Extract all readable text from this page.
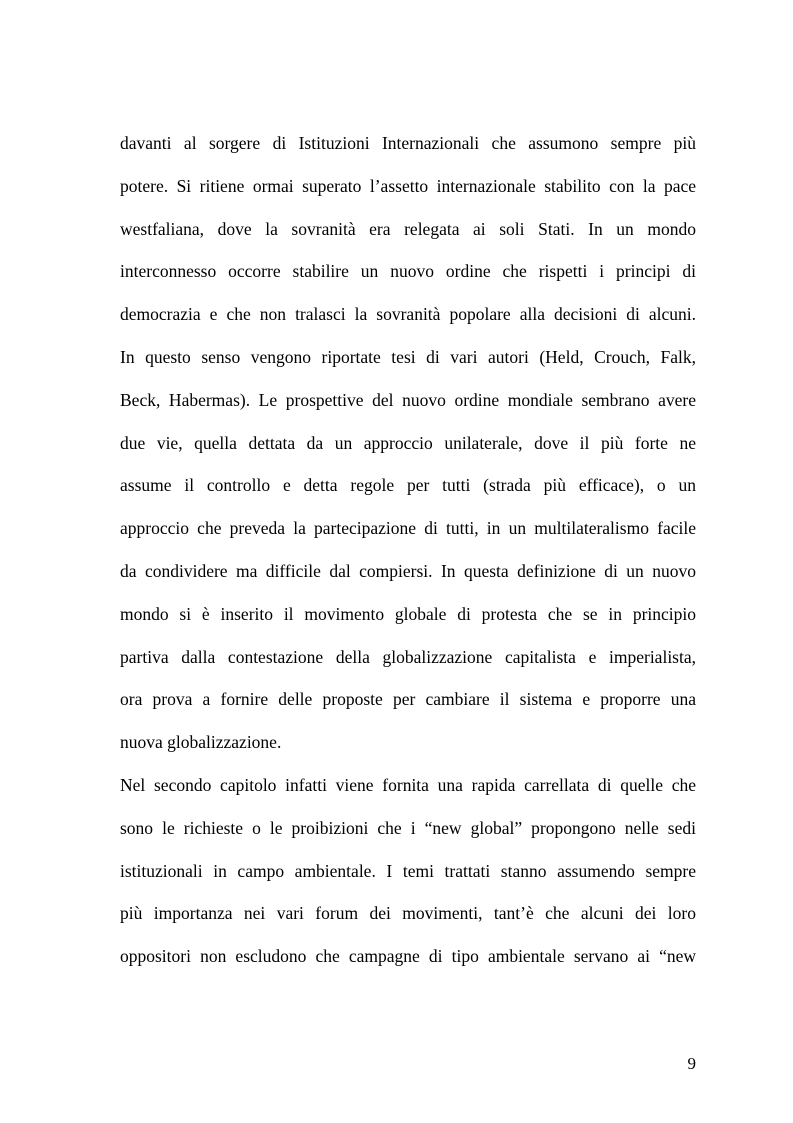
davanti al sorgere di Istituzioni Internazionali che assumono sempre più
potere. Si ritiene ormai superato l’assetto internazionale stabilito con la pace
westfaliana, dove la sovranità era relegata ai soli Stati. In un mondo
interconnesso occorre stabilire un nuovo ordine che rispetti i principi di
democrazia e che non tralasci la sovranità popolare alla decisioni di alcuni.
In questo senso vengono riportate tesi di vari autori (Held, Crouch, Falk,
Beck, Habermas). Le prospettive del nuovo ordine mondiale sembrano avere
due vie, quella dettata da un approccio unilaterale, dove il più forte ne
assume il controllo e detta regole per tutti (strada più efficace), o un
approccio che preveda la partecipazione di tutti, in un multilateralismo facile
da condividere ma difficile dal compiersi. In questa definizione di un nuovo
mondo si è inserito il movimento globale di protesta che se in principio
partiva dalla contestazione della globalizzazione capitalista e imperialista,
ora prova a fornire delle proposte per cambiare il sistema e proporre una
nuova globalizzazione.
Nel secondo capitolo infatti viene fornita una rapida carrellata di quelle che
sono le richieste o le proibizioni che i “new global” propongono nelle sedi
istituzionali in campo ambientale. I temi trattati stanno assumendo sempre
più importanza nei vari forum dei movimenti, tant’è che alcuni dei loro
oppositori non escludono che campagne di tipo ambientale servano ai “new
9
